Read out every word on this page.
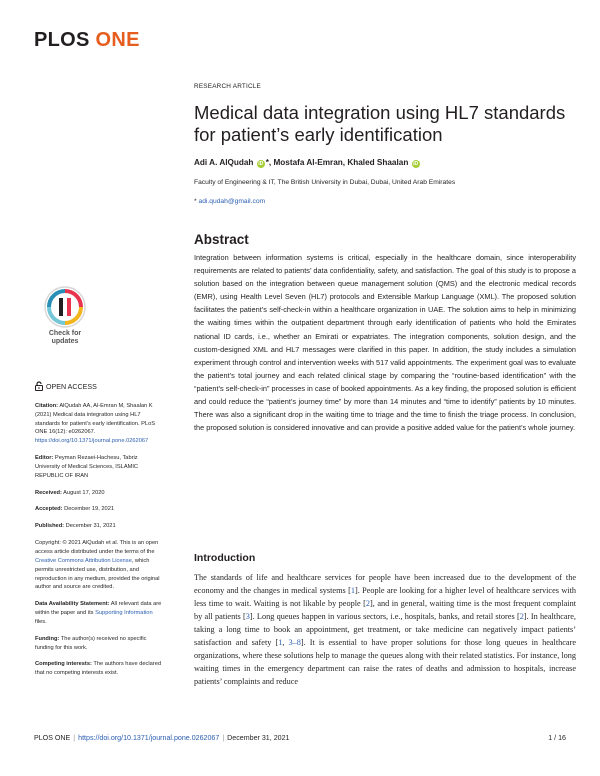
PLOS ONE
RESEARCH ARTICLE
Medical data integration using HL7 standards for patient’s early identification
Adi A. AlQudah iD *, Mostafa Al-Emran, Khaled Shaalan iD
Faculty of Engineering & IT, The British University in Dubai, Dubai, United Arab Emirates
* adi.qudah@gmail.com
Abstract

Integration between information systems is critical, especially in the healthcare domain, since interoperability requirements are related to patients’ data confidentiality, safety, and satisfaction. The goal of this study is to propose a solution based on the integration between queue management solution (QMS) and the electronic medical records (EMR), using Health Level Seven (HL7) protocols and Extensible Markup Language (XML). The proposed solution facilitates the patient’s self-check-in within a healthcare organization in UAE. The solution aims to help in minimizing the waiting times within the outpatient department through early identification of patients who hold the Emirates national ID cards, i.e., whether an Emirati or expatriates. The integration components, solution design, and the custom-designed XML and HL7 messages were clarified in this paper. In addition, the study includes a simulation experiment through control and intervention weeks with 517 valid appointments. The experiment goal was to evaluate the patient’s total journey and each related clinical stage by comparing the “routine-based identification” with the “patient’s self-check-in” processes in case of booked appointments. As a key finding, the proposed solution is efficient and could reduce the “patient’s journey time” by more than 14 minutes and “time to identify” patients by 10 minutes. There was also a significant drop in the waiting time to triage and the time to finish the triage process. In conclusion, the proposed solution is considered innovative and can provide a positive added value for the patient’s whole journey.

Check for
updates
OPEN ACCESS
Citation: AlQudah AA, Al-Emran M, Shaalan K (2021) Medical data integration using HL7 standards for patient’s early identification. PLoS ONE 16(12): e0262067. https://doi.org/10.1371/journal.pone.0262067
Editor: Peyman Rezaei-Hachesu, Tabriz University of Medical Sciences, ISLAMIC REPUBLIC OF IRAN
Received: August 17, 2020
Accepted: December 19, 2021
Published: December 31, 2021
Copyright: © 2021 AlQudah et al. This is an open access article distributed under the terms of the Creative Commons Attribution License, which permits unrestricted use, distribution, and reproduction in any medium, provided the original author and source are credited.
Data Availability Statement: All relevant data are within the paper and its Supporting Information files.
Funding: The author(s) received no specific funding for this work.
Competing interests: The authors have declared that no competing interests exist.
Introduction

The standards of life and healthcare services for people have been increased due to the development of the economy and the changes in medical systems [1]. People are looking for a higher level of healthcare services with less time to wait. Waiting is not likable by people [2], and in general, waiting time is the most frequent complaint by all patients [3]. Long queues happen in various sectors, i.e., hospitals, banks, and retail stores [2]. In healthcare, taking a long time to book an appointment, get treatment, or take medicine can negatively impact patients’ satisfaction and safety [1, 3–8]. It is essential to have proper solutions for those long queues in healthcare organizations, where these solutions help to manage the queues along with their related statistics. For instance, long waiting times in the emergency department can raise the rates of deaths and admission to hospitals, increase patients’ complaints and reduce

PLOS ONE | https://doi.org/10.1371/journal.pone.0262067 | December 31, 2021	1 / 16
